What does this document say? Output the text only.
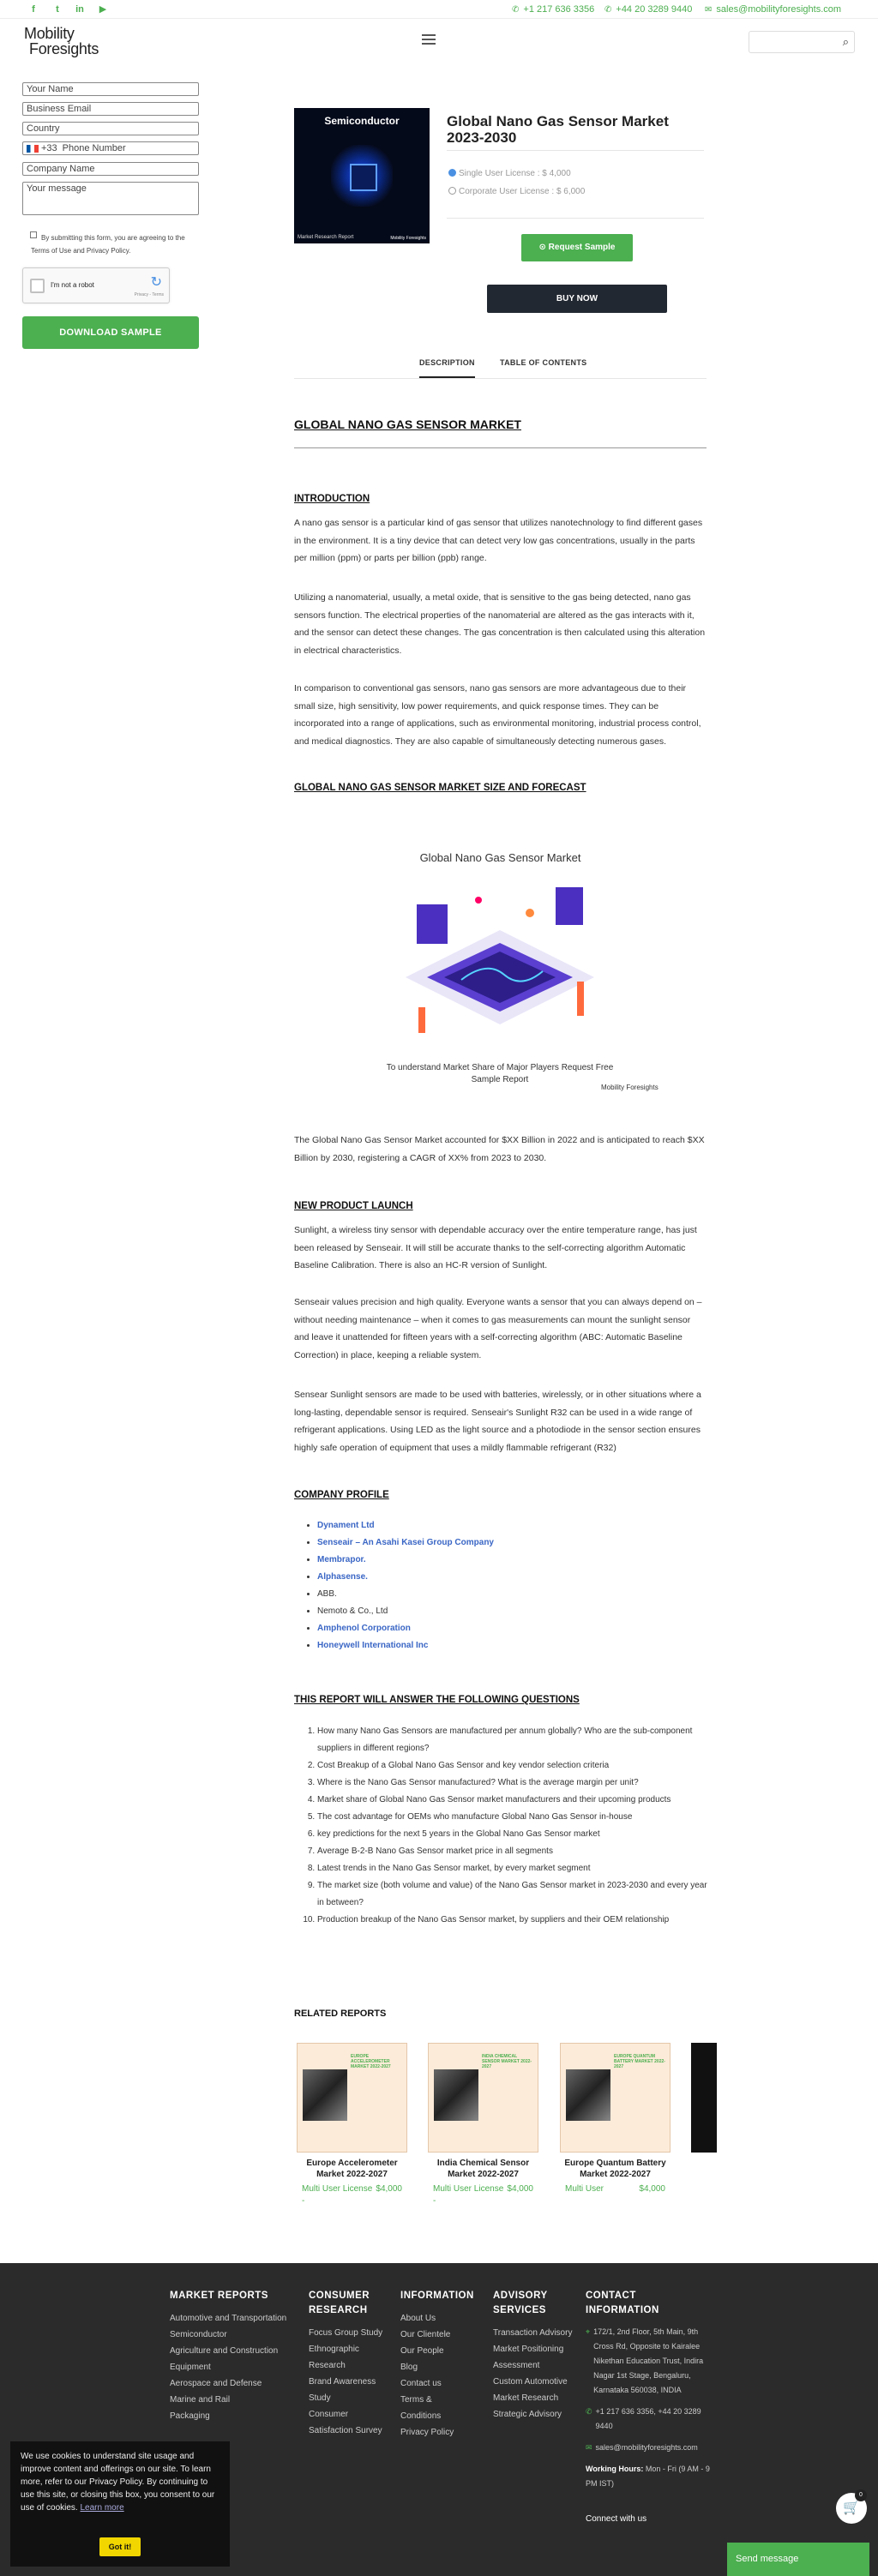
f	t	in ▶	✆ +1 217 636 3356 ✆ +44 20 3289 9440 ✉ sales@mobilityforesights.com
Mobility
Foresights	⌕
Your Name
Business Email
Country
+33 Phone Number
Company Name
Your message
By submitting this form, you are agreeing to the Terms of Use and Privacy Policy.
I'm not a robot	↻
Privacy - Terms
DOWNLOAD SAMPLE
Semiconductor
Market Research Report	Mobility Foresights
Global Nano Gas Sensor Market 2023-2030
Single User License : $ 4,000
Corporate User License : $ 6,000
⊙ Request Sample
BUY NOW
DESCRIPTION	TABLE OF CONTENTS
GLOBAL NANO GAS SENSOR MARKET
INTRODUCTION
A nano gas sensor is a particular kind of gas sensor that utilizes nanotechnology to find different gases in the environment. It is a tiny device that can detect very low gas concentrations, usually in the parts per million (ppm) or parts per billion (ppb) range.
Utilizing a nanomaterial, usually, a metal oxide, that is sensitive to the gas being detected, nano gas sensors function. The electrical properties of the nanomaterial are altered as the gas interacts with it, and the sensor can detect these changes. The gas concentration is then calculated using this alteration in electrical characteristics.
In comparison to conventional gas sensors, nano gas sensors are more advantageous due to their small size, high sensitivity, low power requirements, and quick response times. They can be incorporated into a range of applications, such as environmental monitoring, industrial process control, and medical diagnostics. They are also capable of simultaneously detecting numerous gases.
GLOBAL NANO GAS SENSOR MARKET SIZE AND FORECAST
Global Nano Gas Sensor Market
To understand Market Share of Major Players Request Free Sample Report
Mobility Foresights
The Global Nano Gas Sensor Market accounted for $XX Billion in 2022 and is anticipated to reach $XX Billion by 2030, registering a CAGR of XX% from 2023 to 2030.
NEW PRODUCT LAUNCH
Sunlight, a wireless tiny sensor with dependable accuracy over the entire temperature range, has just been released by Senseair. It will still be accurate thanks to the self-correcting algorithm Automatic Baseline Calibration. There is also an HC-R version of Sunlight.
Senseair values precision and high quality. Everyone wants a sensor that you can always depend on – without needing maintenance – when it comes to gas measurements can mount the sunlight sensor and leave it unattended for fifteen years with a self-correcting algorithm (ABC: Automatic Baseline Correction) in place, keeping a reliable system.
Sensear Sunlight sensors are made to be used with batteries, wirelessly, or in other situations where a long-lasting, dependable sensor is required. Senseair's Sunlight R32 can be used in a wide range of refrigerant applications. Using LED as the light source and a photodiode in the sensor section ensures highly safe operation of equipment that uses a mildly flammable refrigerant (R32)
COMPANY PROFILE
• Dynament Ltd
• Senseair – An Asahi Kasei Group Company
• Membrapor.
• Alphasense.
• ABB.
• Nemoto & Co., Ltd
• Amphenol Corporation
• Honeywell International Inc
THIS REPORT WILL ANSWER THE FOLLOWING QUESTIONS
1. How many Nano Gas Sensors are manufactured per annum globally? Who are the sub-component suppliers in different regions?
2. Cost Breakup of a Global Nano Gas Sensor and key vendor selection criteria
3. Where is the Nano Gas Sensor manufactured? What is the average margin per unit?
4. Market share of Global Nano Gas Sensor market manufacturers and their upcoming products
5. The cost advantage for OEMs who manufacture Global Nano Gas Sensor in-house
6. key predictions for the next 5 years in the Global Nano Gas Sensor market
7. Average B-2-B Nano Gas Sensor market price in all segments
8. Latest trends in the Nano Gas Sensor market, by every market segment
9. The market size (both volume and value) of the Nano Gas Sensor market in 2023-2030 and every year in between?
10. Production breakup of the Nano Gas Sensor market, by suppliers and their OEM relationship
RELATED REPORTS
EUROPE ACCELEROMETER MARKET 2022-2027
Europe Accelerometer Market 2022-2027
$4,000
Multi User License -
INDIA CHEMICAL SENSOR MARKET 2022-2027
India Chemical Sensor Market 2022-2027
$4,000
Multi User License -
EUROPE QUANTUM BATTERY MARKET 2022-2027
Europe Quantum Battery Market 2022-2027
$4,000
Multi User
MARKET REPORTS
Automotive and Transportation
Semiconductor
Agriculture and Construction Equipment
Aerospace and Defense
Marine and Rail
Packaging
CONSUMER RESEARCH
Focus Group Study
Ethnographic Research
Brand Awareness Study
Consumer Satisfaction Survey
INFORMATION
About Us
Our Clientele
Our People
Blog
Contact us
Terms & Conditions
Privacy Policy
ADVISORY SERVICES
Transaction Advisory
Market Positioning Assessment
Custom Automotive Market Research
Strategic Advisory
CONTACT INFORMATION
⌖ 172/1, 2nd Floor, 5th Main, 9th Cross Rd, Opposite to Kairalee Nikethan Education Trust, Indira Nagar 1st Stage, Bengaluru, Karnataka 560038, INDIA
✆ +1 217 636 3356, +44 20 3289 9440
✉ sales@mobilityforesights.com
Working Hours: Mon - Fri (9 AM - 9 PM IST)
Connect with us
We use cookies to understand site usage and improve content and offerings on our site. To learn more, refer to our Privacy Policy. By continuing to use this site, or closing this box, you consent to our use of cookies. Learn more
Got it!
🛒
0
Send message
